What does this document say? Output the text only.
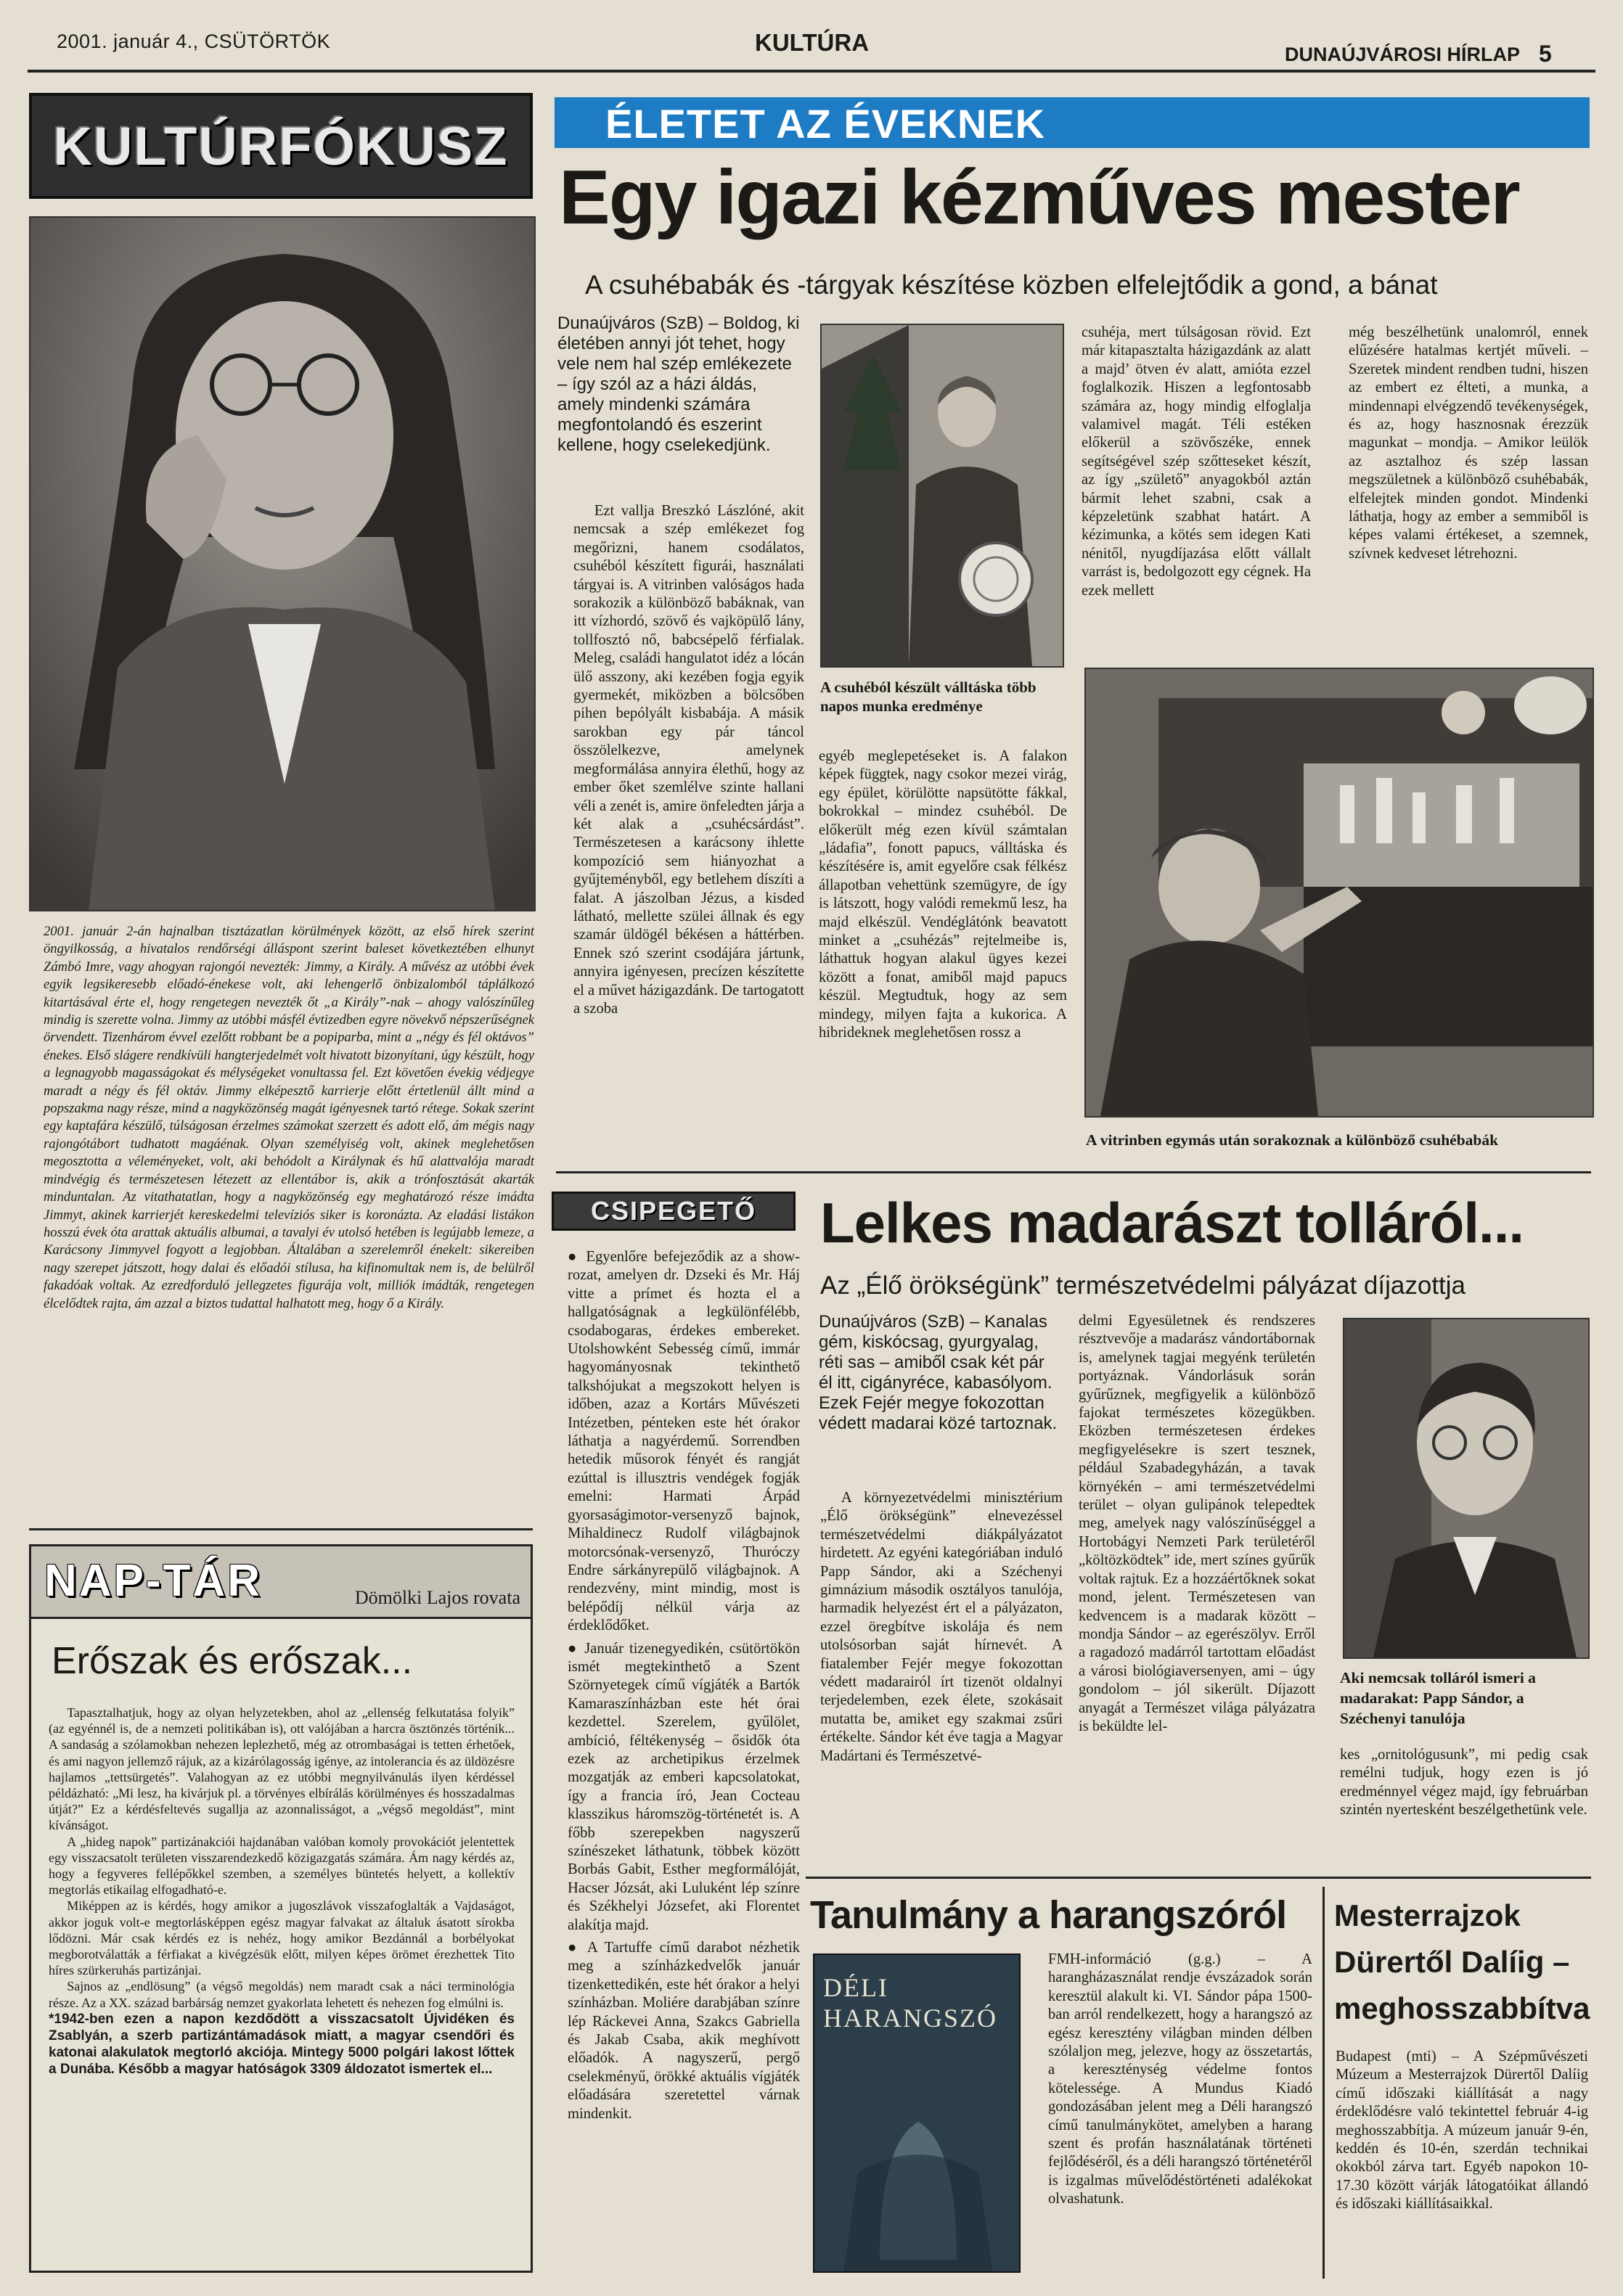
2001. január 4., CSÜTÖRTÖK	KULTÚRA	DUNAÚJVÁROSI HÍRLAP 5
KULTÚRFÓKUSZ
2001. január 2-án hajnalban tisztázatlan körülmények között, az első hírek szerint öngyilkosság, a hivatalos rendőrségi álláspont szerint baleset következtében elhunyt Zámbó Imre, vagy ahogyan rajongói nevezték: Jimmy, a Király. A művész az utóbbi évek egyik legsikeresebb előadó-énekese volt, aki lehengerlő önbizalomból táplálkozó kitartásával érte el, hogy rengetegen nevezték őt „a Király”-nak – ahogy valószínűleg mindig is szerette volna. Jimmy az utóbbi másfél évtizedben egyre növekvő népszerűségnek örvendett. Tizenhárom évvel ezelőtt robbant be a popiparba, mint a „négy és fél oktávos” énekes. Első slágere rendkívüli hangterjedelmét volt hivatott bizonyítani, úgy készült, hogy a legnagyobb magasságokat és mélységeket vonultassa fel. Ezt követően évekig védjegye maradt a négy és fél oktáv. Jimmy elképesztő karrierje előtt értetlenül állt mind a popszakma nagy része, mind a nagyközönség magát igényesnek tartó rétege. Sokak szerint egy kaptafára készülő, túlságosan érzelmes számokat szerzett és adott elő, ám mégis nagy rajongótábort tudhatott magáénak. Olyan személyiség volt, akinek meglehetősen megosztotta a véleményeket, volt, aki behódolt a Királynak és hű alattvalója maradt mindvégig és természetesen létezett az ellentábor is, akik a trónfosztását akarták minduntalan. Az vitathatatlan, hogy a nagyközönség egy meghatározó része imádta Jimmyt, akinek karrierjét kereskedelmi televíziós siker is koronázta. Az eladási listákon hosszú évek óta arattak aktuális albumai, a tavalyi év utolsó hetében is legújabb lemeze, a Karácsony Jimmyvel fogyott a legjobban. Általában a szerelemről énekelt: sikereiben nagy szerepet játszott, hogy dalai és előadói stílusa, ha kifinomultak nem is, de belülről fakadóak voltak. Az ezredforduló jellegzetes figurája volt, milliók imádták, rengetegen élcelődtek rajta, ám azzal a biztos tudattal halhatott meg, hogy ő a Király.
ÉLETET AZ ÉVEKNEK
Egy igazi kézműves mester
A csuhébabák és -tárgyak készítése közben elfelejtődik a gond, a bánat
Dunaújváros (SzB) – Boldog, ki életében annyi jót tehet, hogy vele nem hal szép emlékezete – így szól az a házi áldás, amely mindenki számára megfontolandó és eszerint kellene, hogy cselekedjünk.

Ezt vallja Breszkó Lászlóné, akit nemcsak a szép emlékezet fog megőrizni, hanem csodálatos, csuhéból készített figurái, használati tárgyai is. A vitrinben valóságos hada sorakozik a különböző babáknak, van itt vízhordó, szövő és vajköpülő lány, tollfosztó nő, babcsépelő férfialak. Meleg, családi hangulatot idéz a lócán ülő asszony, aki kezében fogja egyik gyermekét, miközben a bölcsőben pihen bepólyált kisbabája. A másik sarokban egy pár táncol összölelkezve, amelynek megformálása annyira élethű, hogy az ember őket szemlélve szinte hallani véli a zenét is, amire önfeledten járja a két alak a „csuhécsárdást”. Természetesen a karácsony ihlette kompozíció sem hiányozhat a gyűjteményből, egy betlehem díszíti a falat. A jászolban Jézus, a kisded látható, mellette szülei állnak és egy szamár üldögél békésen a háttérben. Ennek szó szerint csodájára jártunk, annyira igényesen, precízen készítette el a művet házigazdánk. De tartogatott a szoba

A csuhéból készült válltáska több napos munka eredménye

egyéb meglepetéseket is. A falakon képek függtek, nagy csokor mezei virág, egy épület, körülötte napsütötte fákkal, bokrokkal – mindez csuhéból. De előkerült még ezen kívül számtalan „ládafia”, fonott papucs, válltáska és készítésére is, amit egyelőre csak félkész állapotban vehettünk szemügyre, de így is látszott, hogy valódi remekmű lesz, ha majd elkészül. Vendéglátónk beavatott minket a „csuhézás” rejtelmeibe is, láthattuk hogyan alakul ügyes kezei között a fonat, amiből majd papucs készül. Megtudtuk, hogy az sem mindegy, milyen fajta a kukorica. A hibrideknek meglehetősen rossz a

csuhéja, mert túlságosan rövid. Ezt már kitapasztalta házigazdánk az alatt a majd’ ötven év alatt, amióta ezzel foglalkozik. Hiszen a legfontosabb számára az, hogy mindig elfoglalja valamivel magát. Téli estéken előkerül a szövőszéke, ennek segítségével szép szőtteseket készít, az így „születő” anyagokból aztán bármit lehet szabni, csak a képzeletünk szabhat határt. A kézimunka, a kötés sem idegen Kati nénitől, nyugdíjazása előtt vállalt varrást is, bedolgozott egy cégnek. Ha ezek mellett

még beszélhetünk unalomról, ennek elűzésére hatalmas kertjét műveli. – Szeretek mindent rendben tudni, hiszen az embert ez élteti, a munka, a mindennapi elvégzendő tevékenységek, és az, hogy hasznosnak érezzük magunkat – mondja. – Amikor leülök az asztalhoz és szép lassan megszületnek a különböző csuhébabák, elfelejtek minden gondot. Mindenki láthatja, hogy az ember a semmiből is képes valami értékeset, a szemnek, szívnek kedveset létrehozni.

A vitrinben egymás után sorakoznak a különböző csuhébabák
CSIPEGETŐ

● Egyenlőre befejeződik az a show-rozat, amelyen dr. Dzseki és Mr. Háj vitte a prímet és hozta el a hallgatóságnak a legkülönfélébb, csodabogaras, érdekes embereket. Utolshowként Sebesség című, immár hagyományosnak tekinthető talkshójukat a megszokott helyen is időben, azaz a Kortárs Művészeti Intézetben, pénteken este hét órakor láthatja a nagyérdemű. Sorrendben hetedik műsorok fényét és rangját ezúttal is illusztris vendégek fogják emelni: Harmati Árpád gyorsaságimotor-versenyző bajnok, Mihaldinecz Rudolf világbajnok motorcsónak-versenyző, Thuróczy Endre sárkányrepülő világbajnok. A rendezvény, mint mindig, most is belépődíj nélkül várja az érdeklődőket.

● Január tizenegyedikén, csütörtökön ismét megtekinthető a Szent Szörnyetegek című vígjáték a Bartók Kamaraszínházban este hét órai kezdettel. Szerelem, gyűlölet, ambíció, féltékenység – ősidők óta ezek az archetipikus érzelmek mozgatják az emberi kapcsolatokat, így a francia író, Jean Cocteau klasszikus háromszög-történetét is. A főbb szerepekben nagyszerű színészeket láthatunk, többek között Borbás Gabit, Esther megformálóját, Hacser Józsát, aki Luluként lép színre és Székhelyi Józsefet, aki Florentet alakítja majd.

● A Tartuffe című darabot nézhetik meg a színházkedvelők január tizenkettedikén, este hét órakor a helyi színházban. Moliére darabjában színre lép Ráckevei Anna, Szakcs Gabriella és Jakab Csaba, akik meghívott előadók. A nagyszerű, pergő cselekményű, örökké aktuális vígjáték előadására szeretettel várnak mindenkit.

Lelkes madarászt tolláról...
Az „Élő örökségünk” természetvédelmi pályázat díjazottja
Dunaújváros (SzB) – Kanalas gém, kiskócsag, gyurgyalag, réti sas – amiből csak két pár él itt, cigányréce, kabasólyom. Ezek Fejér megye fokozottan védett madarai közé tartoznak.

A környezetvédelmi minisztérium „Élő örökségünk” elnevezéssel természetvédelmi diákpályázatot hirdetett. Az egyéni kategóriában induló Papp Sándor, aki a Széchenyi gimnázium második osztályos tanulója, harmadik helyezést ért el a pályázaton, ezzel öregbítve iskolája és nem utolsósorban saját hírnevét. A fiatalember Fejér megye fokozottan védett madarairól írt tizenöt oldalnyi terjedelemben, ezek élete, szokásait mutatta be, amiket egy szakmai zsűri értékelte. Sándor két éve tagja a Magyar Madártani és Természetvé-

delmi Egyesületnek és rendszeres résztvevője a madarász vándortábornak is, amelynek tagjai megyénk területén portyáznak. Vándorlásuk során gyűrűznek, megfigyelik a különböző fajokat természetes közegükben. Eközben természetesen érdekes megfigyelésekre is szert tesznek, például Szabadegyházán, a tavak környékén – ami természetvédelmi terület – olyan gulipánok telepedtek meg, amelyek nagy valószínűséggel a Hortobágyi Nemzeti Park területéről „költözködtek” ide, mert színes gyűrűk voltak rajtuk. Ez a hozzáértőknek sokat mond, jelent. Természetesen van kedvencem is a madarak között – mondja Sándor – az egerészölyv. Erről a ragadozó madárról tartottam előadást a városi biológiaversenyen, ami – úgy gondolom – jól sikerült. Díjazott anyagát a Természet világa pályázatra is beküldte lel-

Aki nemcsak tolláról ismeri a madarakat: Papp Sándor, a Széchenyi tanulója

kes „ornitológusunk”, mi pedig csak remélni tudjuk, hogy ezen is jó eredménnyel végez majd, így februárban szintén nyertesként beszélgethetünk vele.

NAP-TÁR	Dömölki Lajos rovata
Erőszak és erőszak...

Tapasztalhatjuk, hogy az olyan helyzetekben, ahol az „ellenség felkutatása folyik” (az egyénnél is, de a nemzeti politikában is), ott valójában a harcra ösztönzés történik... A sandaság a szólamokban nehezen leplezhető, még az otrombaságai is tetten érhetőek, és ami nagyon jellemző rájuk, az a kizárólagosság igénye, az intolerancia és az üldözésre hajlamos „tettsürgetés”. Valahogyan az ez utóbbi megnyilvánulás ilyen kérdéssel példázható: „Mi lesz, ha kivárjuk pl. a törvényes elbírálás körülményes és hosszadalmas útját?” Ez a kérdésfeltevés sugallja az azonnalisságot, a „végső megoldást”, mint kívánságot.

A „hideg napok” partizánakciói hajdanában valóban komoly provokációt jelentettek egy visszacsatolt területen visszarendezkedő közigazgatás számára. Ám nagy kérdés az, hogy a fegyveres fellépőkkel szemben, a személyes büntetés helyett, a kollektív megtorlás etikailag elfogadható-e.

Miképpen az is kérdés, hogy amikor a jugoszlávok visszafoglalták a Vajdaságot, akkor joguk volt-e megtorlásképpen egész magyar falvakat az általuk ásatott sírokba lődözni. Már csak kérdés ez is nehéz, hogy amikor Bezdánnál a borbélyokat megborotválatták a férfiakat a kivégzésük előtt, milyen képes örömet érezhettek Tito híres szürkeruhás partizánjai.

Sajnos az „endlösung” (a végső megoldás) nem maradt csak a náci terminológia része. Az a XX. század barbárság nemzet gyakorlata lehetett és nehezen fog elmúlni is.

*1942-ben ezen a napon kezdődött a visszacsatolt Újvidéken és Zsablyán, a szerb partizántámadások miatt, a magyar csendőri és katonai alakulatok megtorló akciója. Mintegy 5000 polgári lakost lőttek a Dunába. Később a magyar hatóságok 3309 áldozatot ismertek el...

Tanulmány a harangszóról
DÉLI HARANGSZÓ

FMH-információ (g.g.) – A harangházasználat rendje évszázadok során keresztül alakult ki. VI. Sándor pápa 1500-ban arról rendelkezett, hogy a harangszó az egész keresztény világban minden délben szólaljon meg, jelezve, hogy az összetartás, a kereszténység védelme fontos kötelessége. A Mundus Kiadó gondozásában jelent meg a Déli harangszó című tanulmánykötet, amelyben a harang szent és profán használatának történeti fejlődéséről, és a déli harangszó történetéről is izgalmas művelődéstörténeti adalékokat olvashatunk.

Mesterrajzok Dürertől Dalíig – meghosszabbítva

Budapest (mti) – A Szépművészeti Múzeum a Mesterrajzok Dürertől Dalíig című időszaki kiállítását a nagy érdeklődésre való tekintettel február 4-ig meghosszabbítja. A múzeum január 9-én, keddén és 10-én, szerdán technikai okokból zárva tart. Egyéb napokon 10-17.30 között várják látogatóikat állandó és időszaki kiállításaikkal.
